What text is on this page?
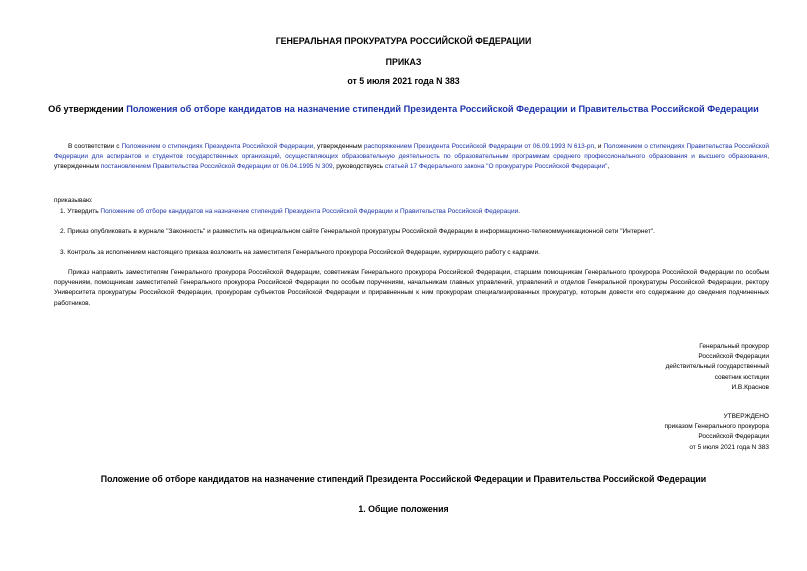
ГЕНЕРАЛЬНАЯ ПРОКУРАТУРА РОССИЙСКОЙ ФЕДЕРАЦИИ
ПРИКАЗ
от 5 июля 2021 года N 383
Об утверждении Положения об отборе кандидатов на назначение стипендий Президента Российской Федерации и Правительства Российской Федерации
В соответствии с Положением о стипендиях Президента Российской Федерации, утвержденным распоряжением Президента Российской Федерации от 06.09.1993 N 613-рп, и Положением о стипендиях Правительства Российской Федерации для аспирантов и студентов государственных организаций, осуществляющих образовательную деятельность по образовательным программам среднего профессионального образования и высшего образования, утвержденным постановлением Правительства Российской Федерации от 06.04.1995 N 309, руководствуясь статьей 17 Федерального закона "О прокуратуре Российской Федерации",
приказываю:
1. Утвердить Положение об отборе кандидатов на назначение стипендий Президента Российской Федерации и Правительства Российской Федерации.
2. Приказ опубликовать в журнале "Законность" и разместить на официальном сайте Генеральной прокуратуры Российской Федерации в информационно-телекоммуникационной сети "Интернет".
3. Контроль за исполнением настоящего приказа возложить на заместителя Генерального прокурора Российской Федерации, курирующего работу с кадрами.
Приказ направить заместителям Генерального прокурора Российской Федерации, советникам Генерального прокурора Российской Федерации, старшим помощникам Генерального прокурора Российской Федерации по особым поручениям, помощникам заместителей Генерального прокурора Российской Федерации по особым поручениям, начальникам главных управлений, управлений и отделов Генеральной прокуратуры Российской Федерации, ректору Университета прокуратуры Российской Федерации, прокурорам субъектов Российской Федерации и приравненным к ним прокурорам специализированных прокуратур, которым довести его содержание до сведения подчиненных работников.
Генеральный прокурор
Российской Федерации
действительный государственный
советник юстиции
И.В.Краснов
УТВЕРЖДЕНО
приказом Генерального прокурора
Российской Федерации
от 5 июля 2021 года N 383
Положение об отборе кандидатов на назначение стипендий Президента Российской Федерации и Правительства Российской Федерации
1. Общие положения
